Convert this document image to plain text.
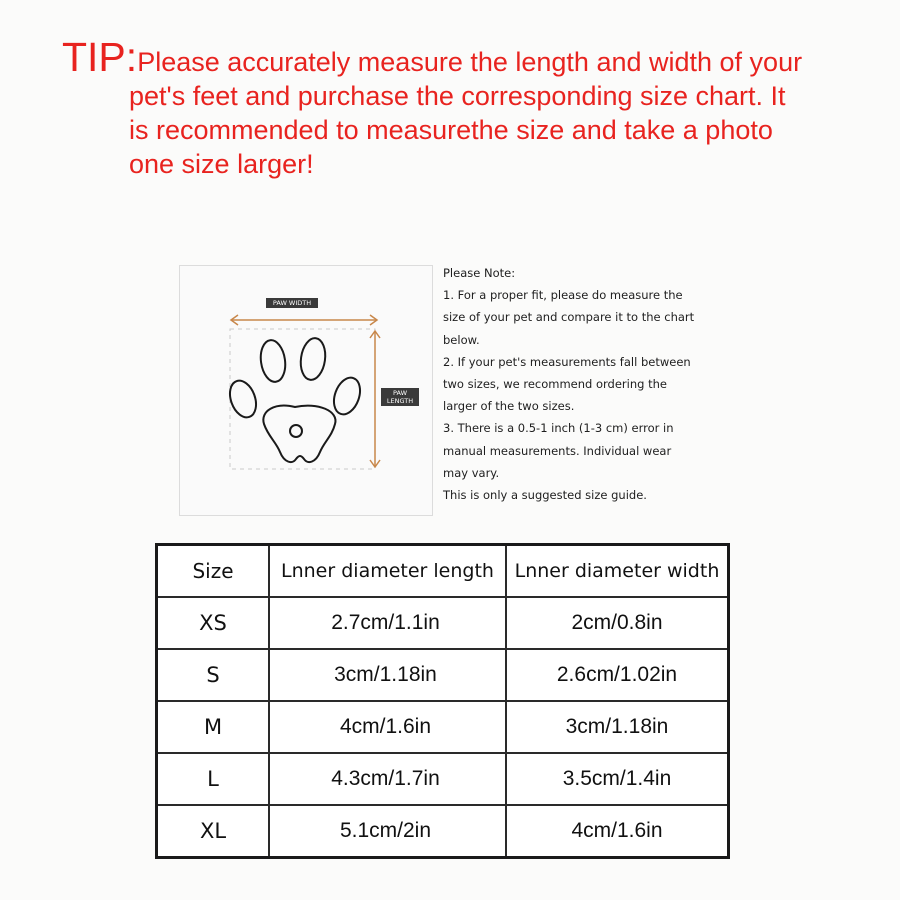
TIP:Please accurately measure the length and width of your
pet's feet and purchase the corresponding size chart. It
is recommended to measurethe size and take a photo
one size larger!
PAW WIDTH
PAW
LENGTH
Please Note:
1. For a proper fit, please do measure the
size of your pet and compare it to the chart
below.
2. If your pet's measurements fall between
two sizes, we recommend ordering the
larger of the two sizes.
3. There is a 0.5-1 inch (1-3 cm) error in
manual measurements. Individual wear
may vary.
This is only a suggested size guide.
Size	Lnner diameter length	Lnner diameter width
XS	2.7cm/1.1in	2cm/0.8in
S	3cm/1.18in	2.6cm/1.02in
M	4cm/1.6in	3cm/1.18in
L	4.3cm/1.7in	3.5cm/1.4in
XL	5.1cm/2in	4cm/1.6in
